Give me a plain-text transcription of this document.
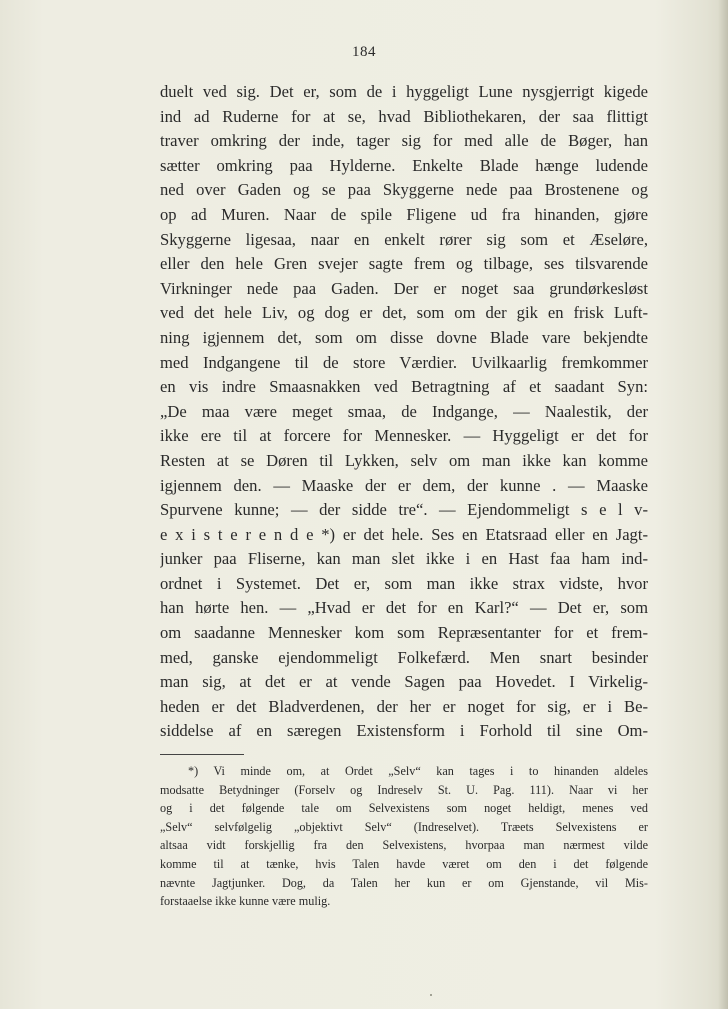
184
duelt ved sig. Det er, som de i hyggeligt Lune nysgjerrigt kigede
ind ad Ruderne for at se, hvad Bibliothekaren, der saa flittigt
traver omkring der inde, tager sig for med alle de Bøger, han
sætter omkring paa Hylderne. Enkelte Blade hænge ludende
ned over Gaden og se paa Skyggerne nede paa Brostenene og
op ad Muren. Naar de spile Fligene ud fra hinanden, gjøre
Skyggerne ligesaa, naar en enkelt rører sig som et Æseløre,
eller den hele Gren svejer sagte frem og tilbage, ses tilsvarende
Virkninger nede paa Gaden. Der er noget saa grundørkesløst
ved det hele Liv, og dog er det, som om der gik en frisk Luft-
ning igjennem det, som om disse dovne Blade vare bekjendte
med Indgangene til de store Værdier. Uvilkaarlig fremkommer
en vis indre Smaasnakken ved Betragtning af et saadant Syn:
„De maa være meget smaa, de Indgange, — Naalestik, der
ikke ere til at forcere for Mennesker. — Hyggeligt er det for
Resten at se Døren til Lykken, selv om man ikke kan komme
igjennem den. — Maaske der er dem, der kunne . — Maaske
Spurvene kunne; — der sidde tre“. — Ejendommeligt s e l v-
e x i s t e r e n d e *) er det hele. Ses en Etatsraad eller en Jagt-
junker paa Fliserne, kan man slet ikke i en Hast faa ham ind-
ordnet i Systemet. Det er, som man ikke strax vidste, hvor
han hørte hen. — „Hvad er det for en Karl?“ — Det er, som
om saadanne Mennesker kom som Repræsentanter for et frem-
med, ganske ejendommeligt Folkefærd. Men snart besinder
man sig, at det er at vende Sagen paa Hovedet. I Virkelig-
heden er det Bladverdenen, der her er noget for sig, er i Be-
siddelse af en særegen Existensform i Forhold til sine Om-
*) Vi minde om, at Ordet „Selv“ kan tages i to hinanden aldeles
modsatte Betydninger (Forselv og Indreselv St. U. Pag. 111). Naar vi her
og i det følgende tale om Selvexistens som noget heldigt, menes ved
„Selv“ selvfølgelig „objektivt Selv“ (Indreselvet). Træets Selvexistens er
altsaa vidt forskjellig fra den Selvexistens, hvorpaa man nærmest vilde
komme til at tænke, hvis Talen havde været om den i det følgende
nævnte Jagtjunker. Dog, da Talen her kun er om Gjenstande, vil Mis-
forstaaelse ikke kunne være mulig.
